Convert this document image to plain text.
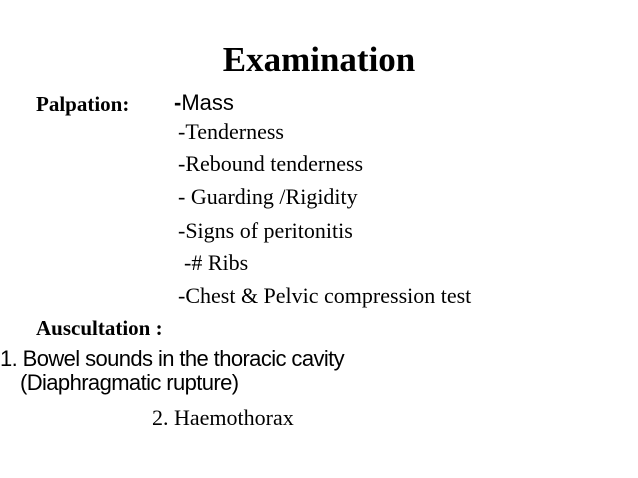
Examination
Palpation: -Mass
-Tenderness
-Rebound tenderness
- Guarding /Rigidity
-Signs of peritonitis
-# Ribs
-Chest & Pelvic compression test
Auscultation :
1. Bowel sounds in the thoracic cavity
(Diaphragmatic rupture)
2. Haemothorax
